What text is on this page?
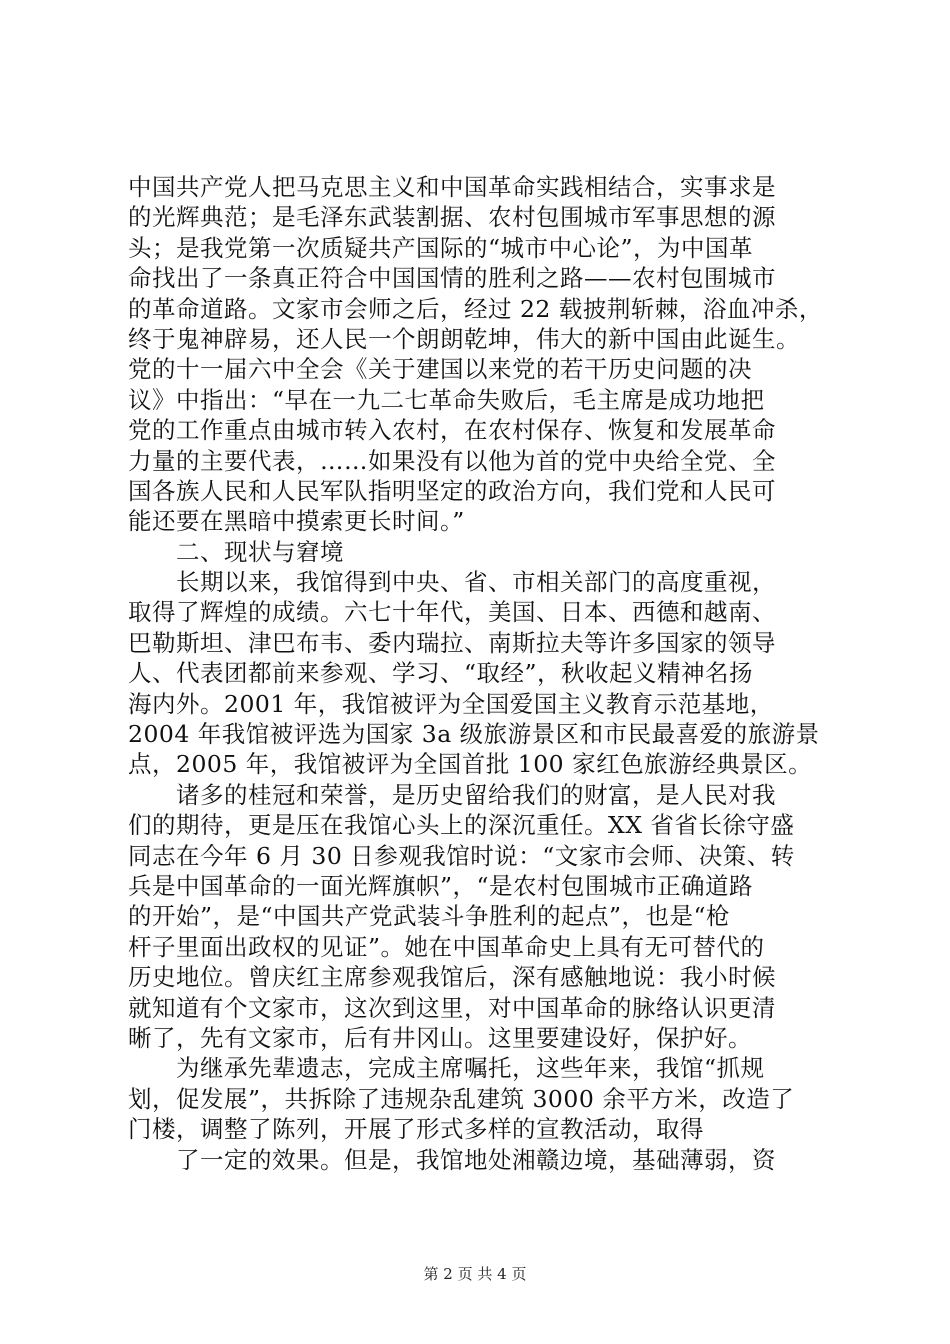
中国共产党人把马克思主义和中国革命实践相结合，实事求是
的光辉典范；是毛泽东武装割据、农村包围城市军事思想的源
头；是我党第一次质疑共产国际的“城市中心论”，为中国革
命找出了一条真正符合中国国情的胜利之路——农村包围城市
的革命道路。文家市会师之后，经过 22 载披荆斩棘，浴血冲杀，
终于鬼神辟易，还人民一个朗朗乾坤，伟大的新中国由此诞生。
党的十一届六中全会《关于建国以来党的若干历史问题的决
议》中指出：“早在一九二七革命失败后，毛主席是成功地把
党的工作重点由城市转入农村，在农村保存、恢复和发展革命
力量的主要代表，……如果没有以他为首的党中央给全党、全
国各族人民和人民军队指明坚定的政治方向，我们党和人民可
能还要在黑暗中摸索更长时间。”
　　二、现状与窘境
　　长期以来，我馆得到中央、省、市相关部门的高度重视，
取得了辉煌的成绩。六七十年代，美国、日本、西德和越南、
巴勒斯坦、津巴布韦、委内瑞拉、南斯拉夫等许多国家的领导
人、代表团都前来参观、学习、“取经”，秋收起义精神名扬
海内外。2001 年，我馆被评为全国爱国主义教育示范基地，
2004 年我馆被评选为国家 3a 级旅游景区和市民最喜爱的旅游景
点，2005 年，我馆被评为全国首批 100 家红色旅游经典景区。
　　诸多的桂冠和荣誉，是历史留给我们的财富，是人民对我
们的期待，更是压在我馆心头上的深沉重任。XX 省省长徐守盛
同志在今年 6 月 30 日参观我馆时说：“文家市会师、决策、转
兵是中国革命的一面光辉旗帜”，“是农村包围城市正确道路
的开始”，是“中国共产党武装斗争胜利的起点”，也是“枪
杆子里面出政权的见证”。她在中国革命史上具有无可替代的
历史地位。曾庆红主席参观我馆后，深有感触地说：我小时候
就知道有个文家市，这次到这里，对中国革命的脉络认识更清
晰了，先有文家市，后有井冈山。这里要建设好，保护好。
　　为继承先辈遗志，完成主席嘱托，这些年来，我馆“抓规
划，促发展”，共拆除了违规杂乱建筑 3000 余平方米，改造了
门楼，调整了陈列，开展了形式多样的宣教活动，取得
　　了一定的效果。但是，我馆地处湘赣边境，基础薄弱，资
第 2 页 共 4 页
